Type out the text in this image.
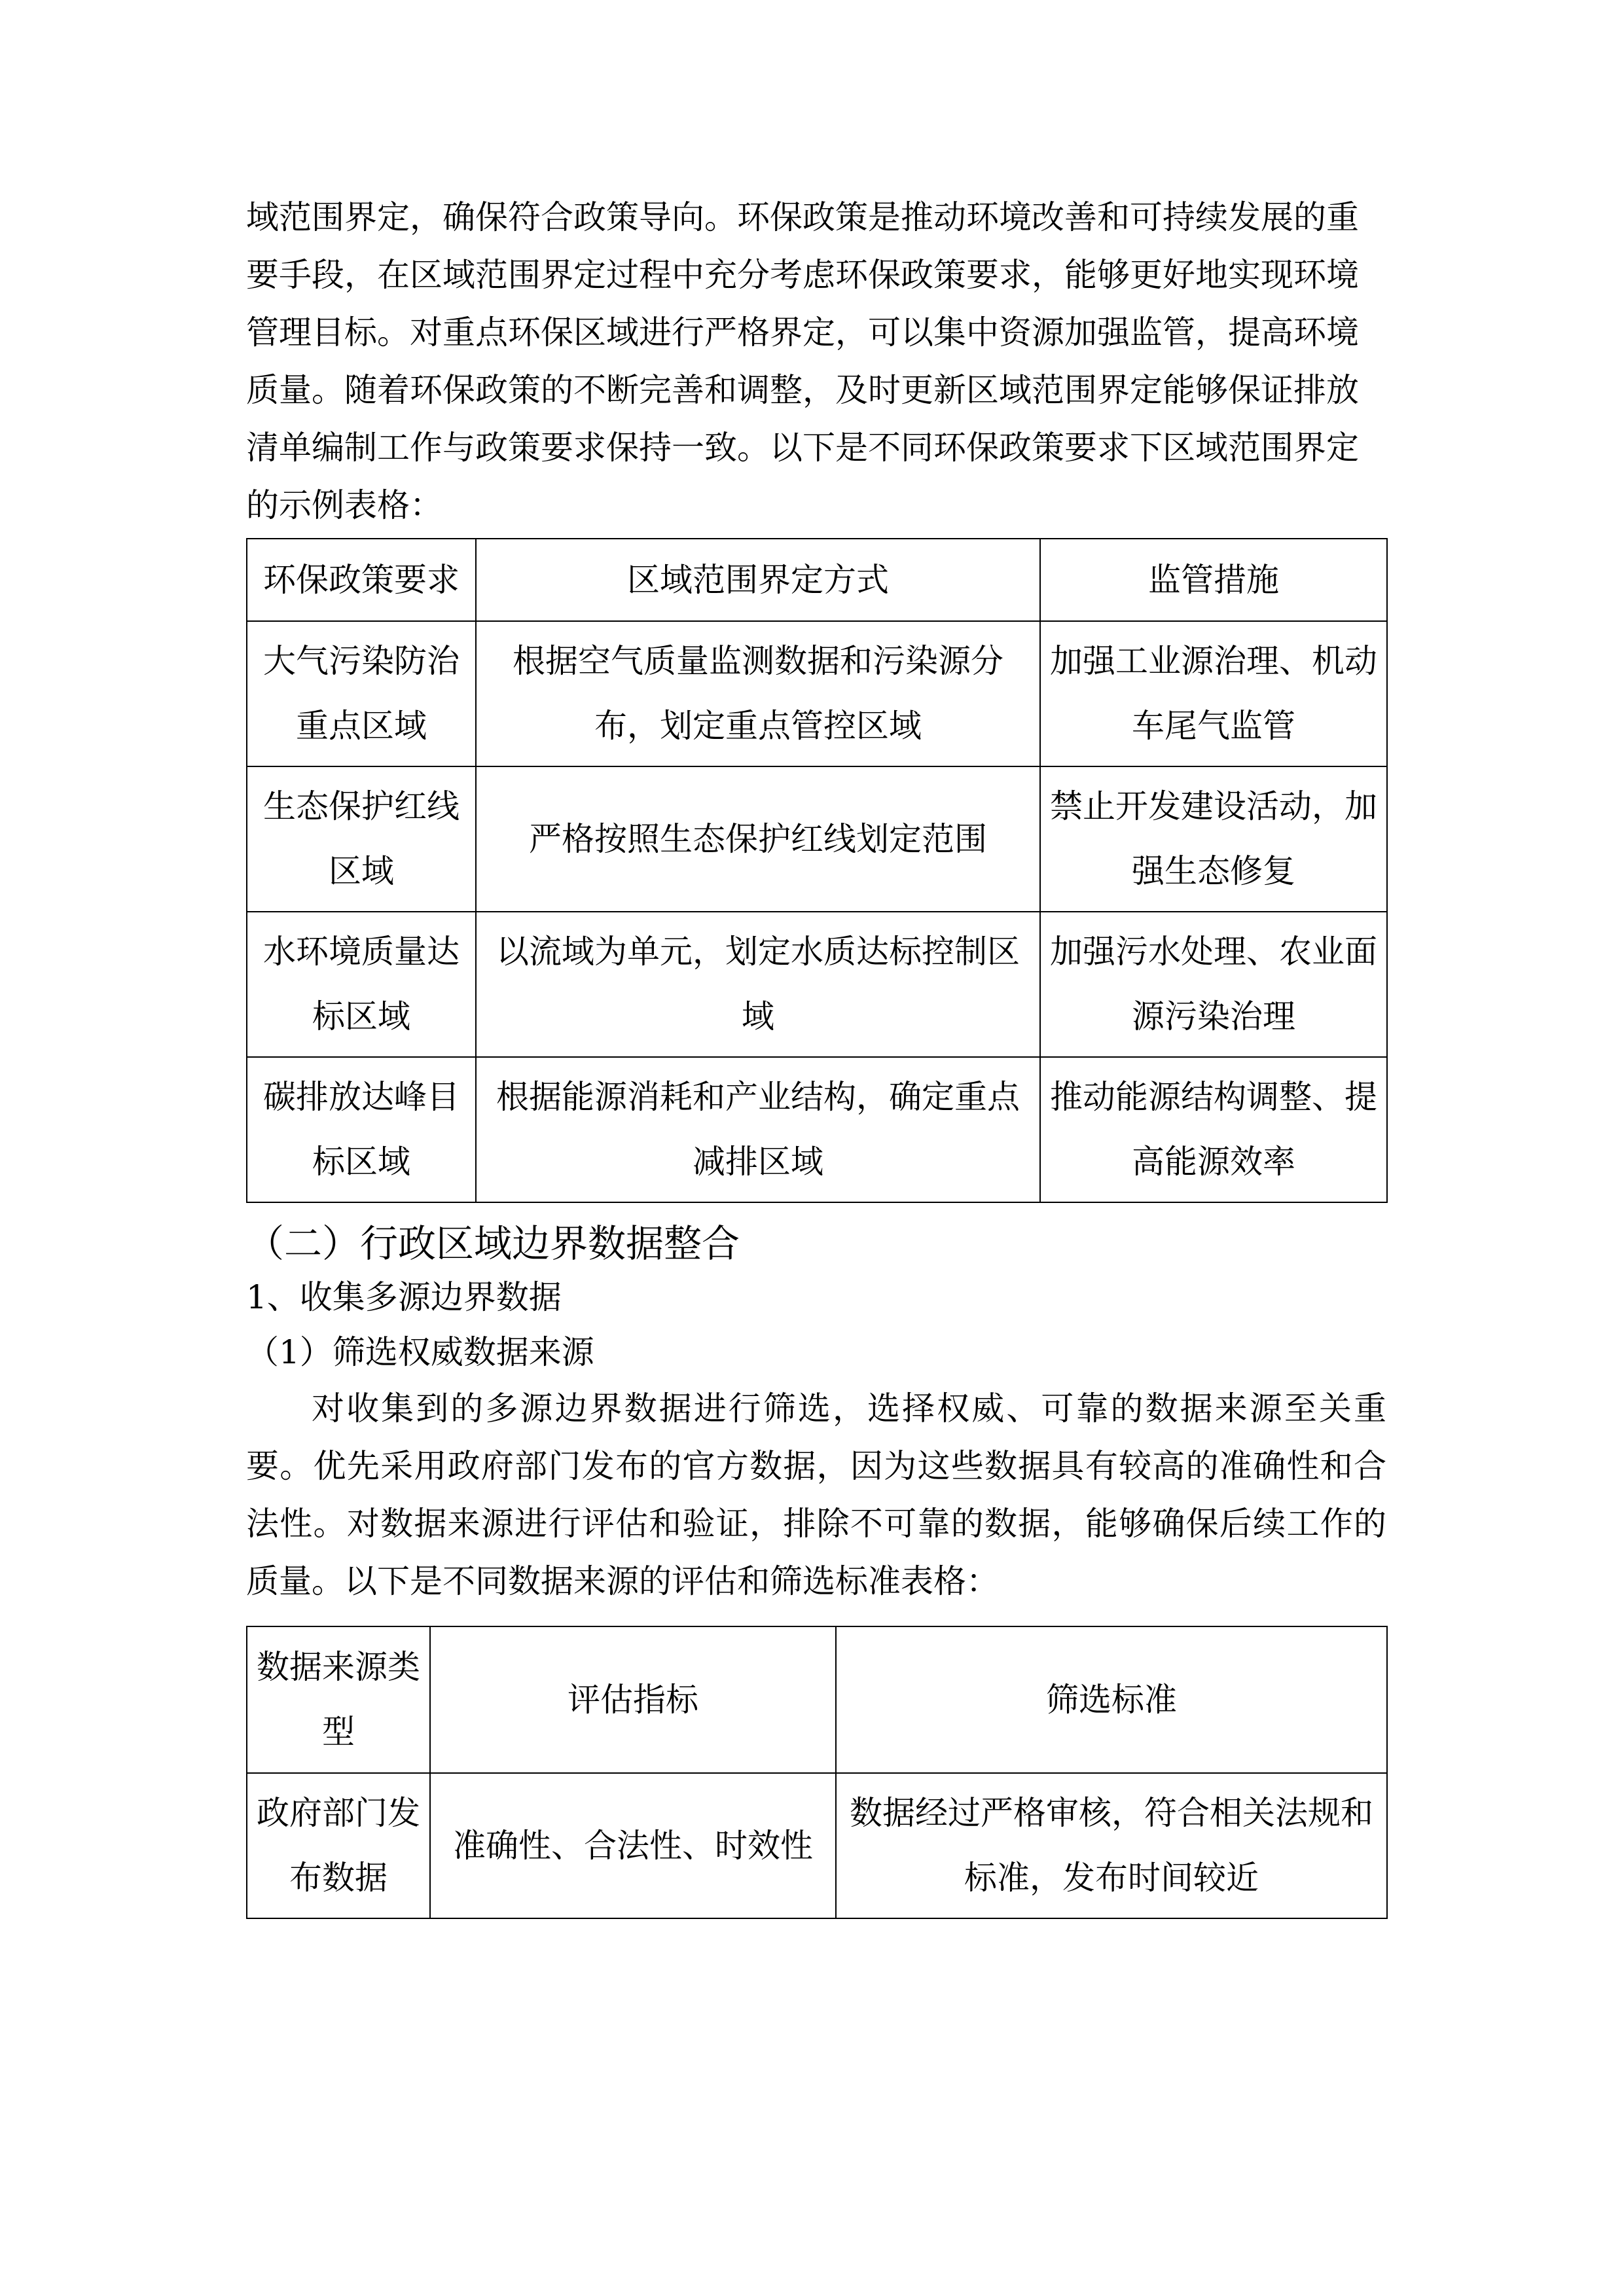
域范围界定，确保符合政策导向。环保政策是推动环境改善和可持续发展的重

要手段，在区域范围界定过程中充分考虑环保政策要求，能够更好地实现环境

管理目标。对重点环保区域进行严格界定，可以集中资源加强监管，提高环境

质量。随着环保政策的不断完善和调整，及时更新区域范围界定能够保证排放

清单编制工作与政策要求保持一致。以下是不同环保政策要求下区域范围界定

的示例表格：

环保政策要求	区域范围界定方式	监管措施
大气污染防治重点区域	根据空气质量监测数据和污染源分布，划定重点管控区域	加强工业源治理、机动车尾气监管
生态保护红线区域	严格按照生态保护红线划定范围	禁止开发建设活动，加强生态修复
水环境质量达标区域	以流域为单元，划定水质达标控制区域	加强污水处理、农业面源污染治理
碳排放达峰目标区域	根据能源消耗和产业结构，确定重点减排区域	推动能源结构调整、提高能源效率
（二）行政区域边界数据整合

1、收集多源边界数据

（1）筛选权威数据来源

对收集到的多源边界数据进行筛选，选择权威、可靠的数据来源至关重要。优先采用政府部门发布的官方数据，因为这些数据具有较高的准确性和合法性。对数据来源进行评估和验证，排除不可靠的数据，能够确保后续工作的质量。以下是不同数据来源的评估和筛选标准表格：

数据来源类型	评估指标	筛选标准
政府部门发布数据	准确性、合法性、时效性	数据经过严格审核，符合相关法规和标准，发布时间较近
